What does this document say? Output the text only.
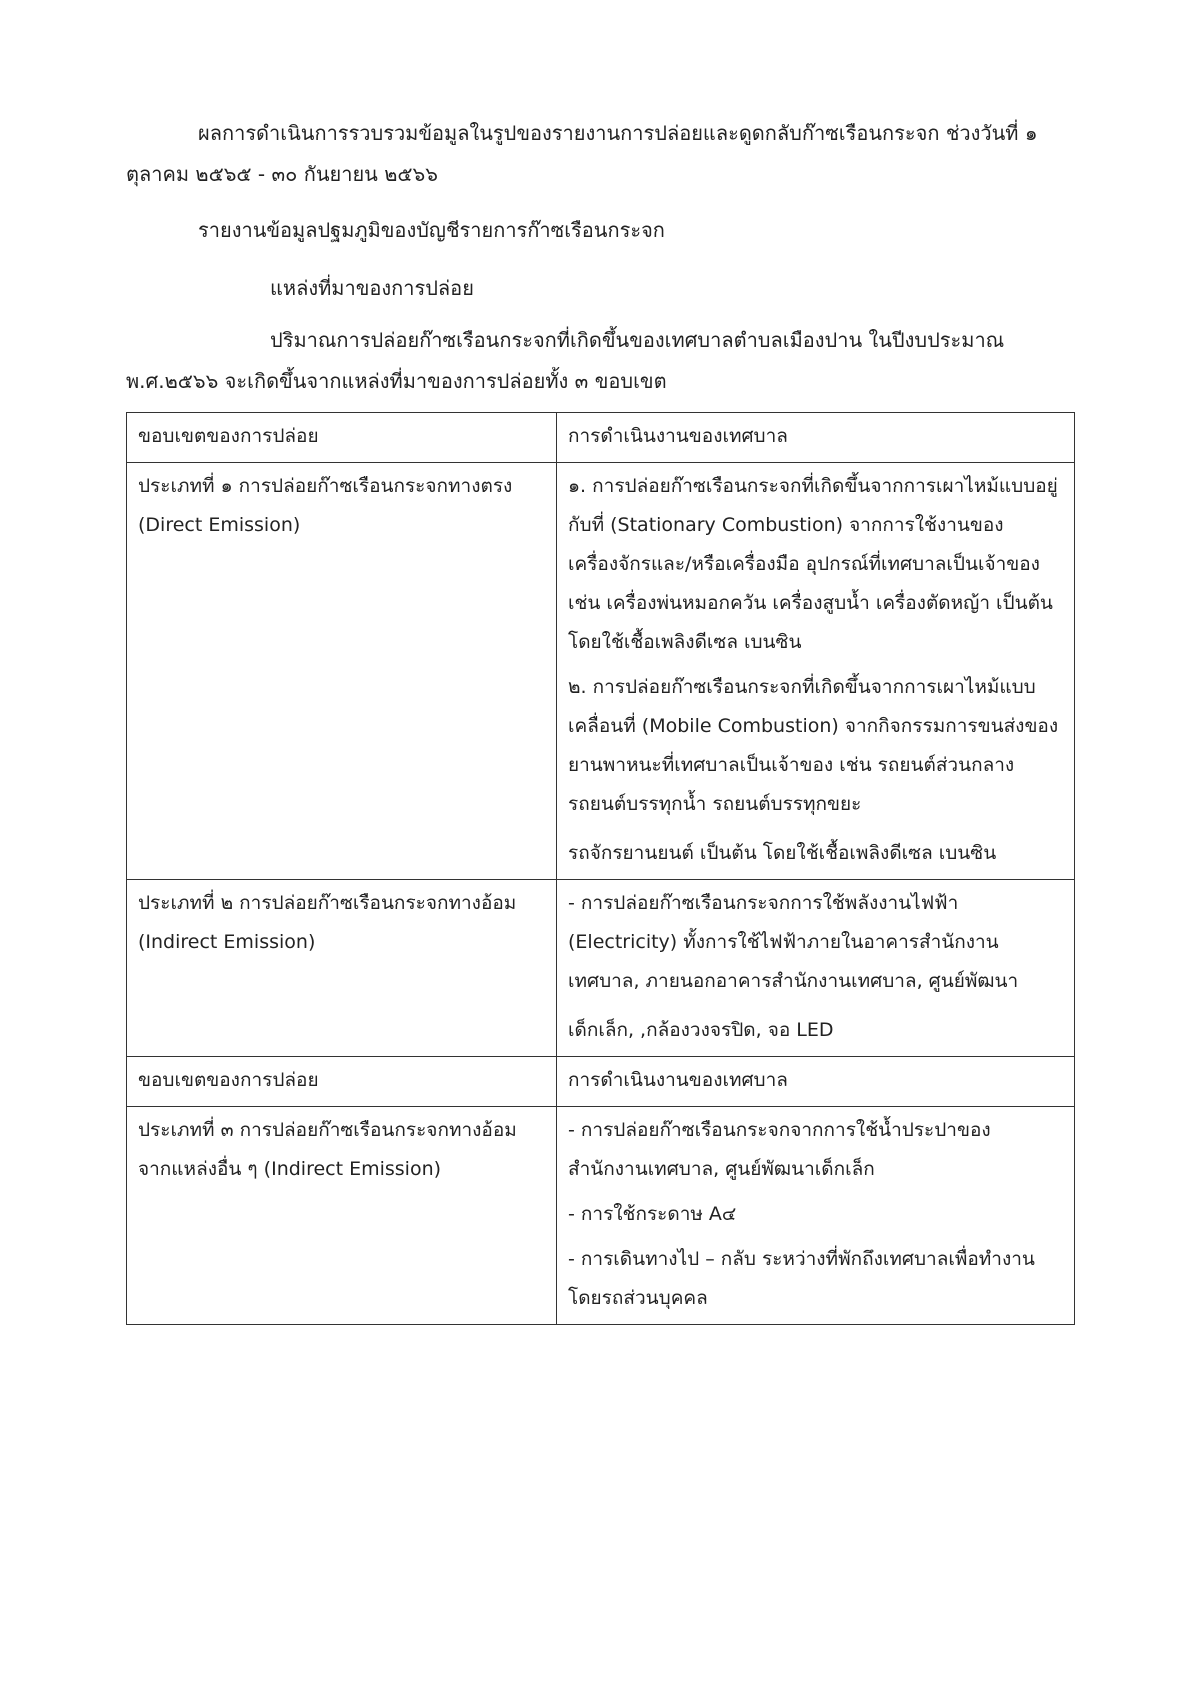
ผลการดำเนินการรวบรวมข้อมูลในรูปของรายงานการปล่อยและดูดกลับก๊าซเรือนกระจก ช่วงวันที่ ๑ ตุลาคม ๒๕๖๕ - ๓๐ กันยายน ๒๕๖๖

รายงานข้อมูลปฐมภูมิของบัญชีรายการก๊าซเรือนกระจก

แหล่งที่มาของการปล่อย

ปริมาณการปล่อยก๊าซเรือนกระจกที่เกิดขึ้นของเทศบาลตำบลเมืองปาน ในปีงบประมาณ พ.ศ.๒๕๖๖ จะเกิดขึ้นจากแหล่งที่มาของการปล่อยทั้ง ๓ ขอบเขต

ขอบเขตของการปล่อย	การดำเนินงานของเทศบาล
ประเภทที่ ๑ การปล่อยก๊าซเรือนกระจกทางตรง (Direct Emission)	๑. การปล่อยก๊าซเรือนกระจกที่เกิดขึ้นจากการเผาไหม้แบบอยู่กับที่ (Stationary Combustion) จากการใช้งานของเครื่องจักรและ/หรือเครื่องมือ อุปกรณ์ที่เทศบาลเป็นเจ้าของ เช่น เครื่องพ่นหมอกควัน เครื่องสูบน้ำ เครื่องตัดหญ้า เป็นต้น โดยใช้เชื้อเพลิงดีเซล เบนซิน

๒. การปล่อยก๊าซเรือนกระจกที่เกิดขึ้นจากการเผาไหม้แบบเคลื่อนที่ (Mobile Combustion) จากกิจกรรมการขนส่งของยานพาหนะที่เทศบาลเป็นเจ้าของ เช่น รถยนต์ส่วนกลาง รถยนต์บรรทุกน้ำ รถยนต์บรรทุกขยะ

รถจักรยานยนต์ เป็นต้น โดยใช้เชื้อเพลิงดีเซล เบนซิน

ประเภทที่ ๒ การปล่อยก๊าซเรือนกระจกทางอ้อม (Indirect Emission)	- การปล่อยก๊าซเรือนกระจกการใช้พลังงานไฟฟ้า (Electricity) ทั้งการใช้ไฟฟ้าภายในอาคารสำนักงานเทศบาล, ภายนอกอาคารสำนักงานเทศบาล, ศูนย์พัฒนา

เด็กเล็ก, ,กล้องวงจรปิด, จอ LED

ขอบเขตของการปล่อย	การดำเนินงานของเทศบาล
ประเภทที่ ๓ การปล่อยก๊าซเรือนกระจกทางอ้อมจากแหล่งอื่น ๆ (Indirect Emission)	- การปล่อยก๊าซเรือนกระจกจากการใช้น้ำประปาของสำนักงานเทศบาล, ศูนย์พัฒนาเด็กเล็ก

- การใช้กระดาษ A๔

- การเดินทางไป – กลับ ระหว่างที่พักถึงเทศบาลเพื่อทำงานโดยรถส่วนบุคคล
